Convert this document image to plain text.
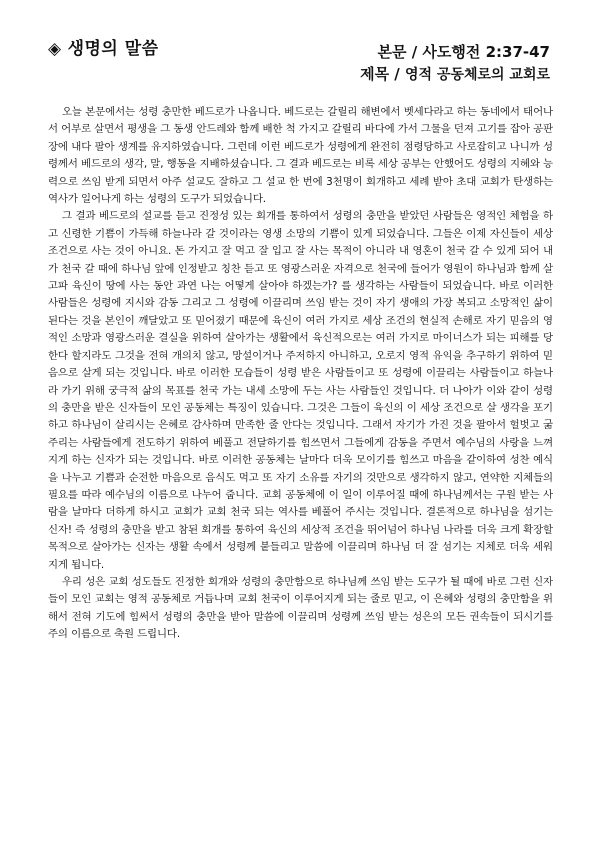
◈ 생명의 말씀	본문 / 사도행전 2:37-47
제목 / 영적 공동체로의 교회로

오늘 본문에서는 성령 충만한 베드로가 나옵니다. 베드로는 갈릴리 해변에서 벳세다라고 하는 동네에서 태어나서 어부로 살면서 평생을 그 동생 안드레와 함께 배한 척 가지고 갈릴리 바다에 가서 그물을 던져 고기를 잡아 공판장에 내다 팔아 생계를 유지하였습니다. 그런데 이런 베드로가 성령에게 완전히 점령당하고 사로잡히고 나니까 성령께서 베드로의 생각, 말, 행동을 지배하셨습니다. 그 결과 베드로는 비록 세상 공부는 안했어도 성령의 지혜와 능력으로 쓰임 받게 되면서 아주 설교도 잘하고 그 설교 한 번에 3천명이 회개하고 세례 받아 초대 교회가 탄생하는 역사가 일어나게 하는 성령의 도구가 되었습니다.

그 결과 베드로의 설교를 듣고 진정성 있는 회개를 통하여서 성령의 충만을 받았던 사람들은 영적인 체험을 하고 신령한 기쁨이 가득해 하늘나라 갈 것이라는 영생 소망의 기쁨이 있게 되었습니다. 그들은 이제 자신들이 세상 조건으로 사는 것이 아니요. 돈 가지고 잘 먹고 잘 입고 잘 사는 목적이 아니라 내 영혼이 천국 갈 수 있게 되어 내가 천국 갈 때에 하나님 앞에 인정받고 칭찬 듣고 또 영광스러운 자격으로 천국에 들어가 영원이 하나님과 함께 살고파 육신이 땅에 사는 동안 과연 나는 어떻게 살아야 하겠는가? 를 생각하는 사람들이 되었습니다. 바로 이러한 사람들은 성령에 지시와 감동 그리고 그 성령에 이끌리며 쓰임 받는 것이 자기 생애의 가장 복되고 소망적인 삶이 된다는 것을 본인이 깨달았고 또 믿어졌기 때문에 육신이 여러 가지로 세상 조건의 현실적 손해로 자기 믿음의 영적인 소망과 영광스러운 결실을 위하여 살아가는 생활에서 육신적으로는 여러 가지로 마이너스가 되는 피해를 당한다 할지라도 그것을 전혀 개의치 않고, 망설이거나 주저하지 아니하고, 오로지 영적 유익을 추구하기 위하여 믿음으로 살게 되는 것입니다. 바로 이러한 모습들이 성령 받은 사람들이고 또 성령에 이끌리는 사람들이고 하늘나라 가기 위해 궁극적 삶의 목표를 천국 가는 내세 소망에 두는 사는 사람들인 것입니다. 더 나아가 이와 같이 성령의 충만을 받은 신자들이 모인 공동체는 특징이 있습니다. 그것은 그들이 육신의 이 세상 조건으로 살 생각을 포기하고 하나님이 살리시는 은혜로 감사하며 만족한 줄 안다는 것입니다. 그래서 자기가 가진 것을 팔아서 헐벗고 굶주리는 사람들에게 전도하기 위하여 베풀고 전달하기를 힘쓰면서 그들에게 감동을 주면서 예수님의 사랑을 느껴지게 하는 신자가 되는 것입니다. 바로 이러한 공동체는 날마다 더욱 모이기를 힘쓰고 마음을 같이하여 성찬 예식을 나누고 기쁨과 순전한 마음으로 음식도 먹고 또 자기 소유를 자기의 것만으로 생각하지 않고, 연약한 지체들의 필요를 따라 예수님의 이름으로 나누어 줍니다. 교회 공동체에 이 일이 이루어질 때에 하나님께서는 구원 받는 사람을 날마다 더하게 하시고 교회가 교회 천국 되는 역사를 베풀어 주시는 것입니다. 결론적으로 하나님을 섬기는 신자! 즉 성령의 충만을 받고 참된 회개를 통하여 육신의 세상적 조건을 뛰어넘어 하나님 나라를 더욱 크게 확장할 목적으로 살아가는 신자는 생활 속에서 성령께 붙들리고 말씀에 이끌리며 하나님 더 잘 섬기는 지체로 더욱 세워지게 됩니다.

우리 성은 교회 성도들도 진정한 회개와 성령의 충만함으로 하나님께 쓰임 받는 도구가 될 때에 바로 그런 신자들이 모인 교회는 영적 공동체로 거듭나며 교회 천국이 이루어지게 되는 줄로 믿고, 이 은혜와 성령의 충만함을 위해서 전혀 기도에 힘써서 성령의 충만을 받아 말씀에 이끌리며 성령께 쓰임 받는 성은의 모든 권속들이 되시기를 주의 이름으로 축원 드립니다.
